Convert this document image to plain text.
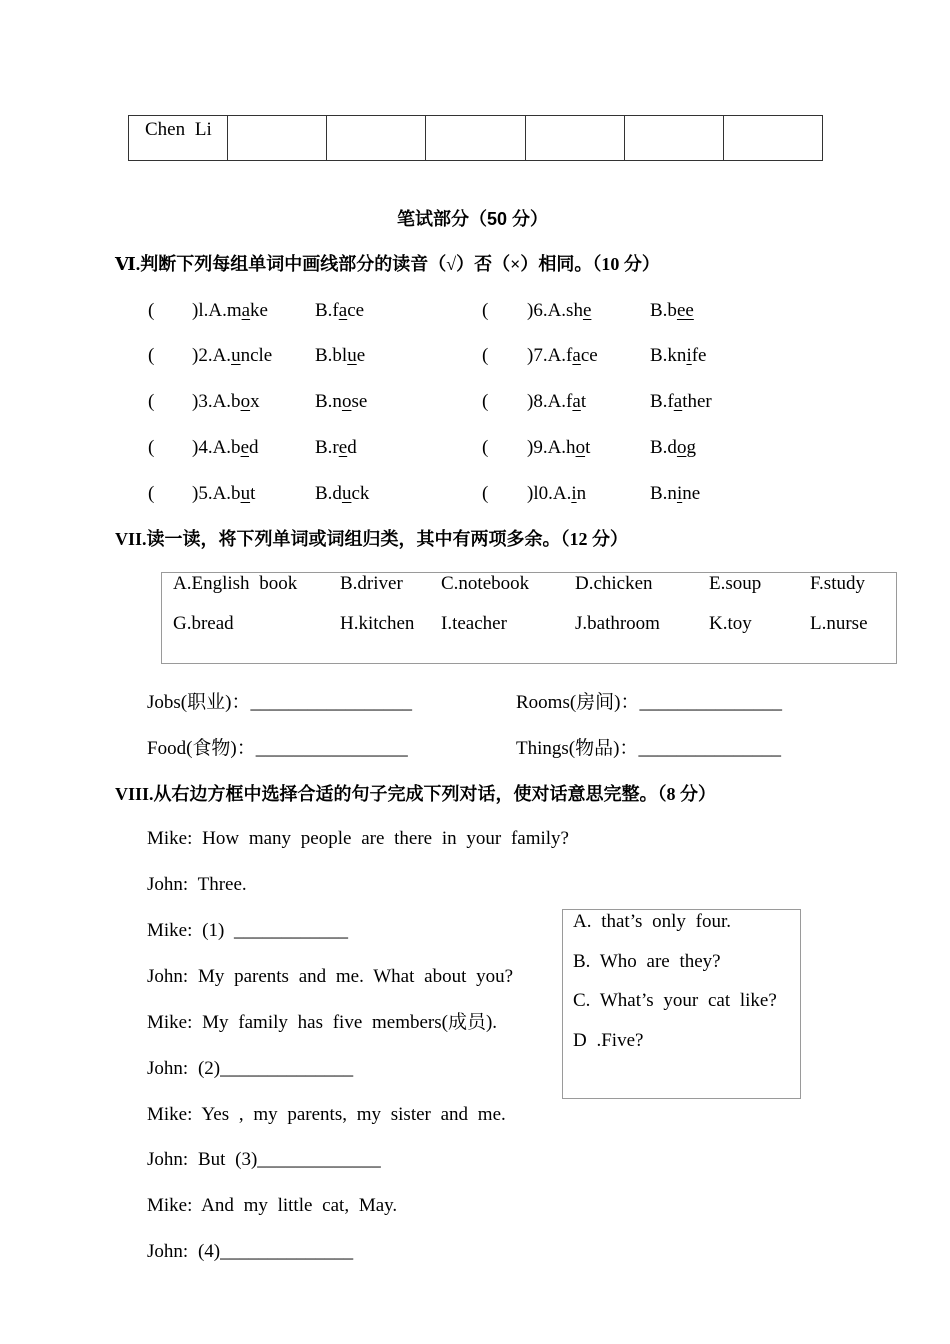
Chen Li						
笔试部分（50 分）
Ⅵ.判断下列每组单词中画线部分的读音（√）否（×）相同。（10 分）
( )l.A.make B.face	( )6.A.she	B.bee
( )2.A.uncle B.blue	( )7.A.face	B.knife
( )3.A.box	B.nose	( )8.A.fat	B.father
( )4.A.bed	B.red	( )9.A.hot	B.dog
( )5.A.but	B.duck	( )l0.A.in	B.nine
VII.读一读，将下列单词或词组归类，其中有两项多余。（12 分）
A.English book B.driver C.notebook D.chicken	E.soup	F.study
G.bread	H.kitchen I.teacher	J.bathroom	K.toy	L.nurse
Jobs(职业)：_________________	Rooms(房间)：_______________
Food(食物)：________________	Things(物品)：_______________
VIII.从右边方框中选择合适的句子完成下列对话，使对话意思完整。（8 分）
Mike: How many people are there in your family?
John: Three.
Mike: (1) ____________
John: My parents and me. What about you?
Mike: My family has five members(成员).
John: (2)______________
Mike: Yes , my parents, my sister and me.
John: But (3)_____________
Mike: And my little cat, May.
John: (4)______________
A. that’s only four.
B. Who are they?
C. What’s your cat like?
D .Five?
